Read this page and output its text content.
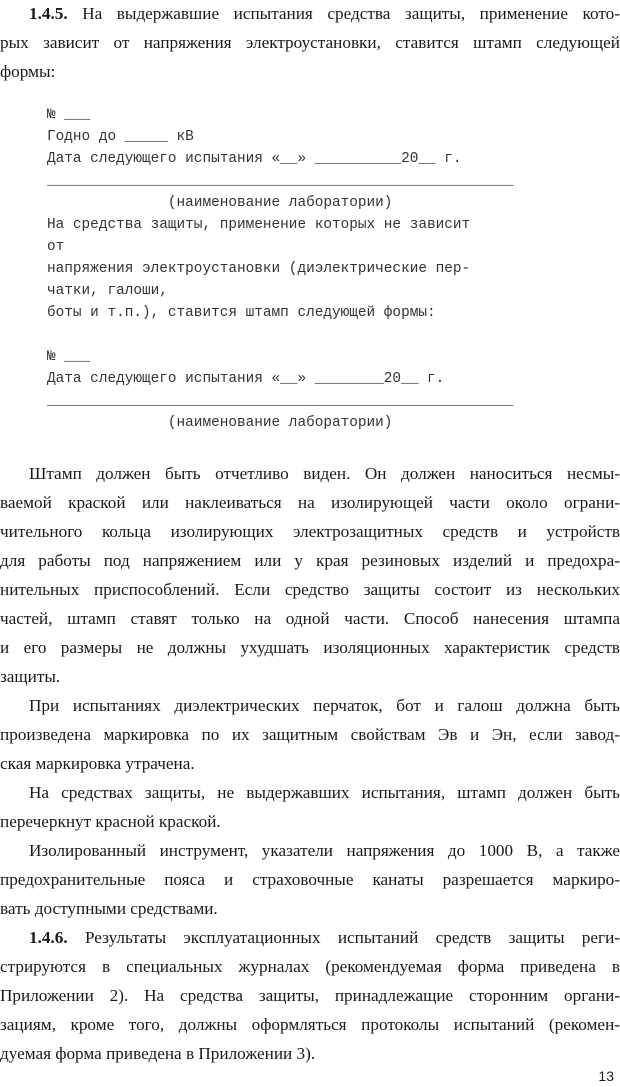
1.4.5. На выдержавшие испытания средства защиты, применение кото-
рых зависит от напряжения электроустановки, ставится штамп следующей
формы:
№ ___
Годно до _____ кВ
Дата следующего испытания «__» __________20__ г.
______________________________________________________
(наименование лаборатории)
На средства защиты, применение которых не зависит
от
напряжения электроустановки (диэлектрические пер-
чатки, галоши,
боты и т.п.), ставится штамп следующей формы:
№ ___
Дата следующего испытания «__» ________20__ г.
______________________________________________________
(наименование лаборатории)
Штамп должен быть отчетливо виден. Он должен наноситься несмы-
ваемой краской или наклеиваться на изолирующей части около ограни-
чительного кольца изолирующих электрозащитных средств и устройств
для работы под напряжением или у края резиновых изделий и предохра-
нительных приспособлений. Если средство защиты состоит из нескольких
частей, штамп ставят только на одной части. Способ нанесения штампа
и его размеры не должны ухудшать изоляционных характеристик средств
защиты.
При испытаниях диэлектрических перчаток, бот и галош должна быть
произведена маркировка по их защитным свойствам Эв и Эн, если завод-
ская маркировка утрачена.
На средствах защиты, не выдержавших испытания, штамп должен быть
перечеркнут красной краской.
Изолированный инструмент, указатели напряжения до 1000 В, а также
предохранительные пояса и страховочные канаты разрешается маркиро-
вать доступными средствами.
1.4.6. Результаты эксплуатационных испытаний средств защиты реги-
стрируются в специальных журналах (рекомендуемая форма приведена в
Приложении 2). На средства защиты, принадлежащие сторонним органи-
зациям, кроме того, должны оформляться протоколы испытаний (рекомен-
дуемая форма приведена в Приложении 3).
13
